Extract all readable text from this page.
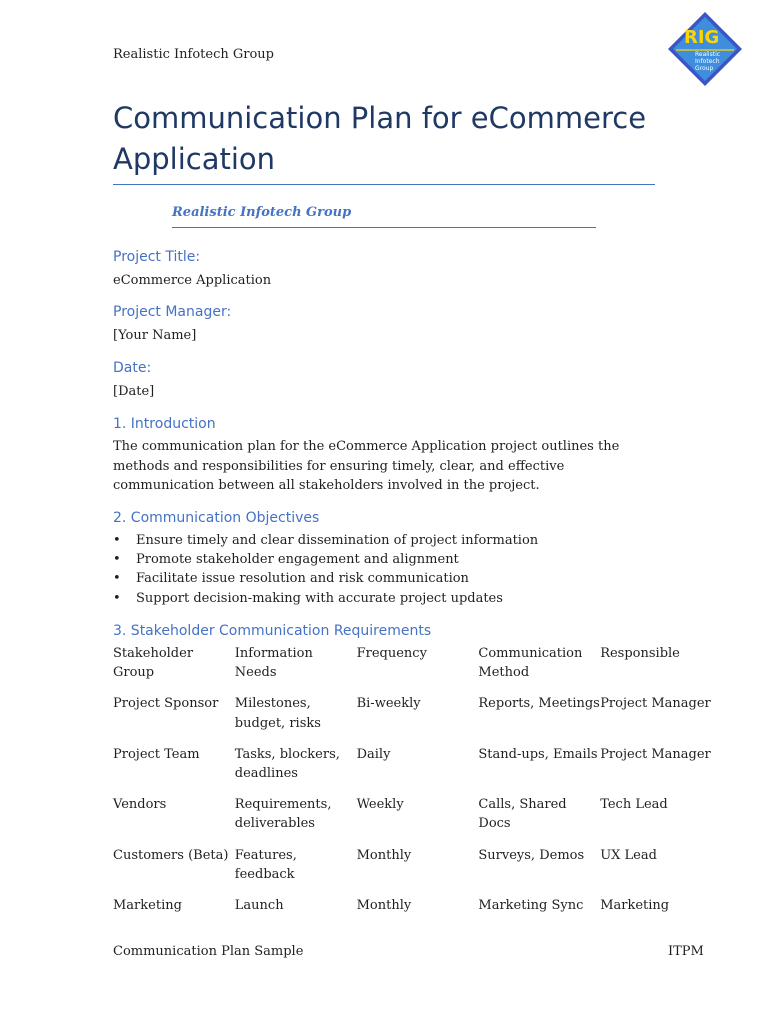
Realistic Infotech Group
RIG
Realistic
Infotech
Group
Communication Plan for eCommerce Application
Realistic Infotech Group
Project Title:
eCommerce Application
Project Manager:
[Your Name]
Date:
[Date]
1. Introduction
The communication plan for the eCommerce Application project outlines the methods and responsibilities for ensuring timely, clear, and effective communication between all stakeholders involved in the project.
2. Communication Objectives
• Ensure timely and clear dissemination of project information
• Promote stakeholder engagement and alignment
• Facilitate issue resolution and risk communication
• Support decision-making with accurate project updates
3. Stakeholder Communication Requirements
Stakeholder Group	Information Needs	Frequency	Communication Method	Responsible
Project Sponsor	Milestones, budget, risks	Bi-weekly	Reports, Meetings	Project Manager
Project Team	Tasks, blockers, deadlines	Daily	Stand-ups, Emails	Project Manager
Vendors	Requirements, deliverables	Weekly	Calls, Shared Docs	Tech Lead
Customers (Beta)	Features, feedback	Monthly	Surveys, Demos	UX Lead
Marketing	Launch	Monthly	Marketing Sync	Marketing
Communication Plan Sample	ITPM
